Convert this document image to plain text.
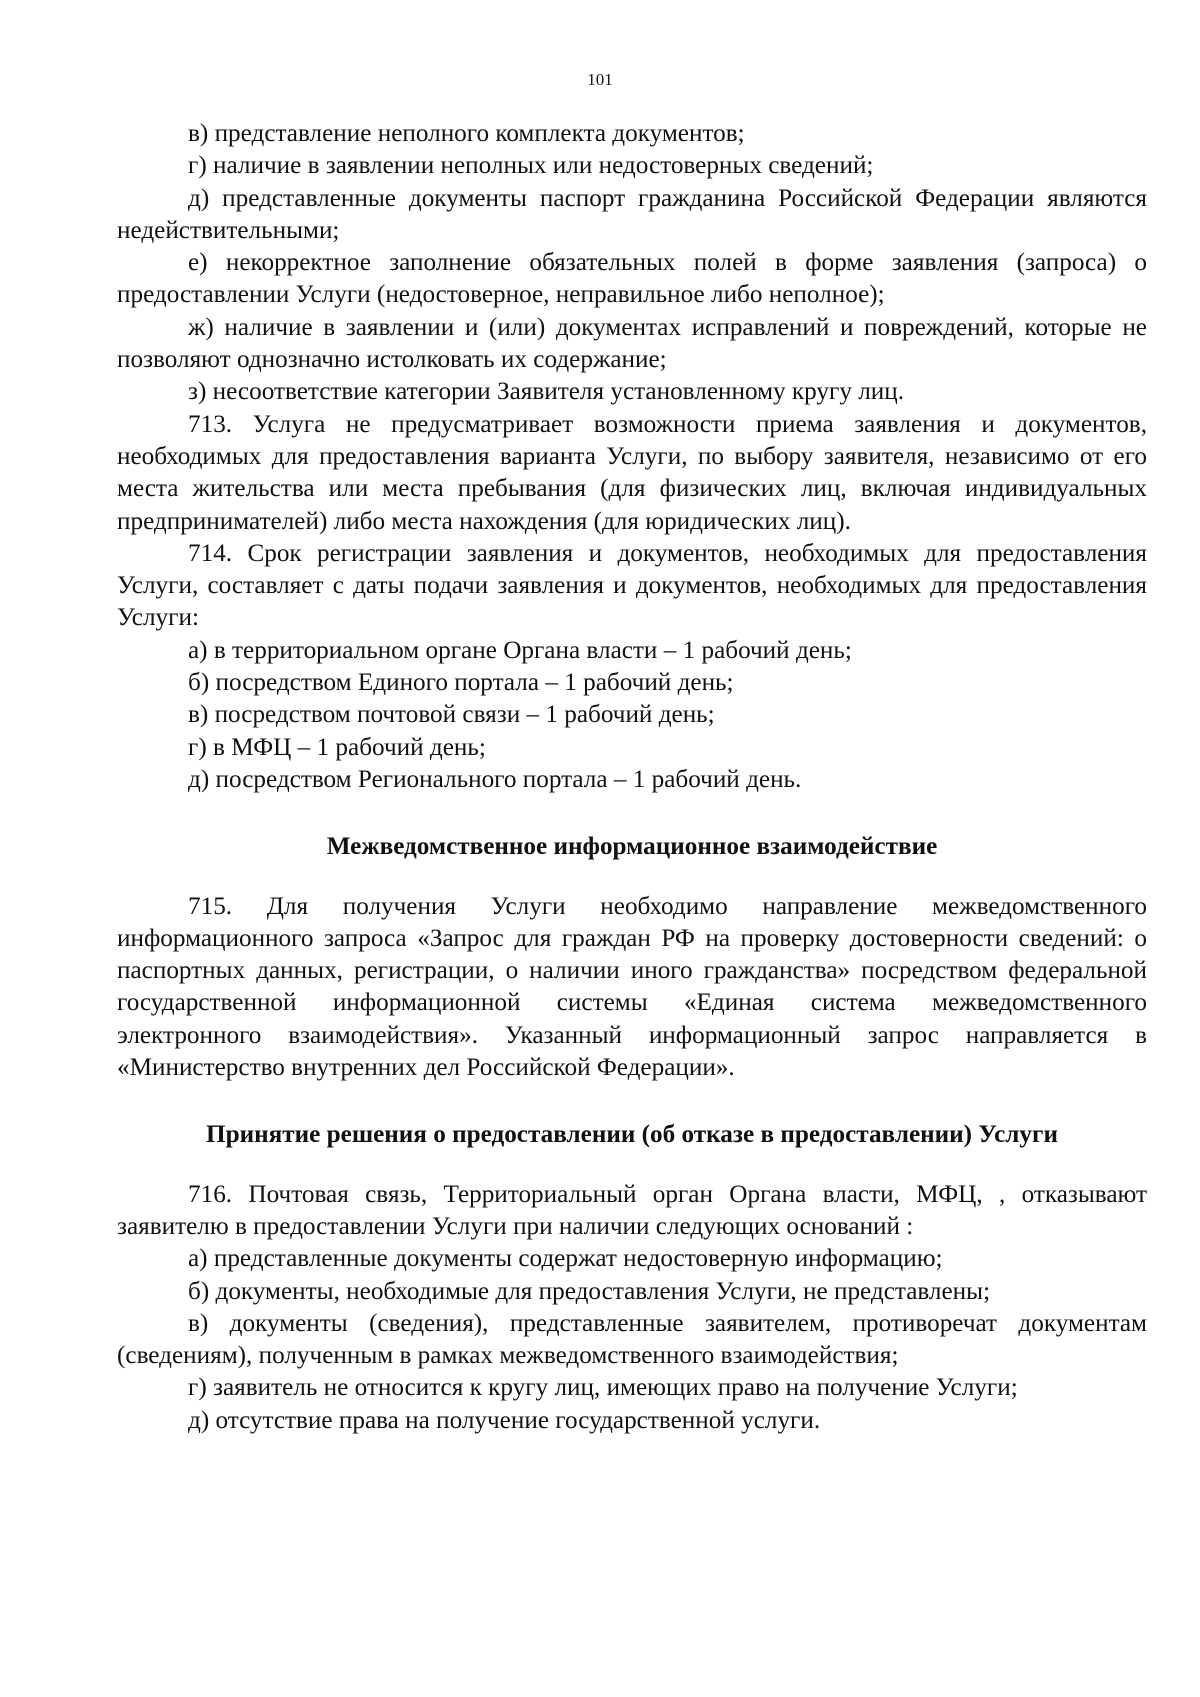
101

в) представление неполного комплекта документов;

г) наличие в заявлении неполных или недостоверных сведений;

д) представленные документы паспорт гражданина Российской Федерации являются недействительными;

е) некорректное заполнение обязательных полей в форме заявления (запроса) о предоставлении Услуги (недостоверное, неправильное либо неполное);

ж) наличие в заявлении и (или) документах исправлений и повреждений, которые не позволяют однозначно истолковать их содержание;

з) несоответствие категории Заявителя установленному кругу лиц.

713. Услуга не предусматривает возможности приема заявления и документов, необходимых для предоставления варианта Услуги, по выбору заявителя, независимо от его места жительства или места пребывания (для физических лиц, включая индивидуальных предпринимателей) либо места нахождения (для юридических лиц).

714. Срок регистрации заявления и документов, необходимых для предоставления Услуги, составляет с даты подачи заявления и документов, необходимых для предоставления Услуги:

а) в территориальном органе Органа власти – 1 рабочий день;

б) посредством Единого портала – 1 рабочий день;

в) посредством почтовой связи – 1 рабочий день;

г) в МФЦ – 1 рабочий день;

д) посредством Регионального портала – 1 рабочий день.

Межведомственное информационное взаимодействие

715. Для получения Услуги необходимо направление межведомственного информационного запроса «Запрос для граждан РФ на проверку достоверности сведений: о паспортных данных, регистрации, о наличии иного гражданства» посредством федеральной государственной информационной системы «Единая система межведомственного электронного взаимодействия». Указанный информационный запрос направляется в «Министерство внутренних дел Российской Федерации».

Принятие решения о предоставлении (об отказе в предоставлении) Услуги

716. Почтовая связь, Территориальный орган Органа власти, МФЦ, , отказывают заявителю в предоставлении Услуги при наличии следующих оснований :

а) представленные документы содержат недостоверную информацию;

б) документы, необходимые для предоставления Услуги, не представлены;

в) документы (сведения), представленные заявителем, противоречат документам (сведениям), полученным в рамках межведомственного взаимодействия;

г) заявитель не относится к кругу лиц, имеющих право на получение Услуги;

д) отсутствие права на получение государственной услуги.
